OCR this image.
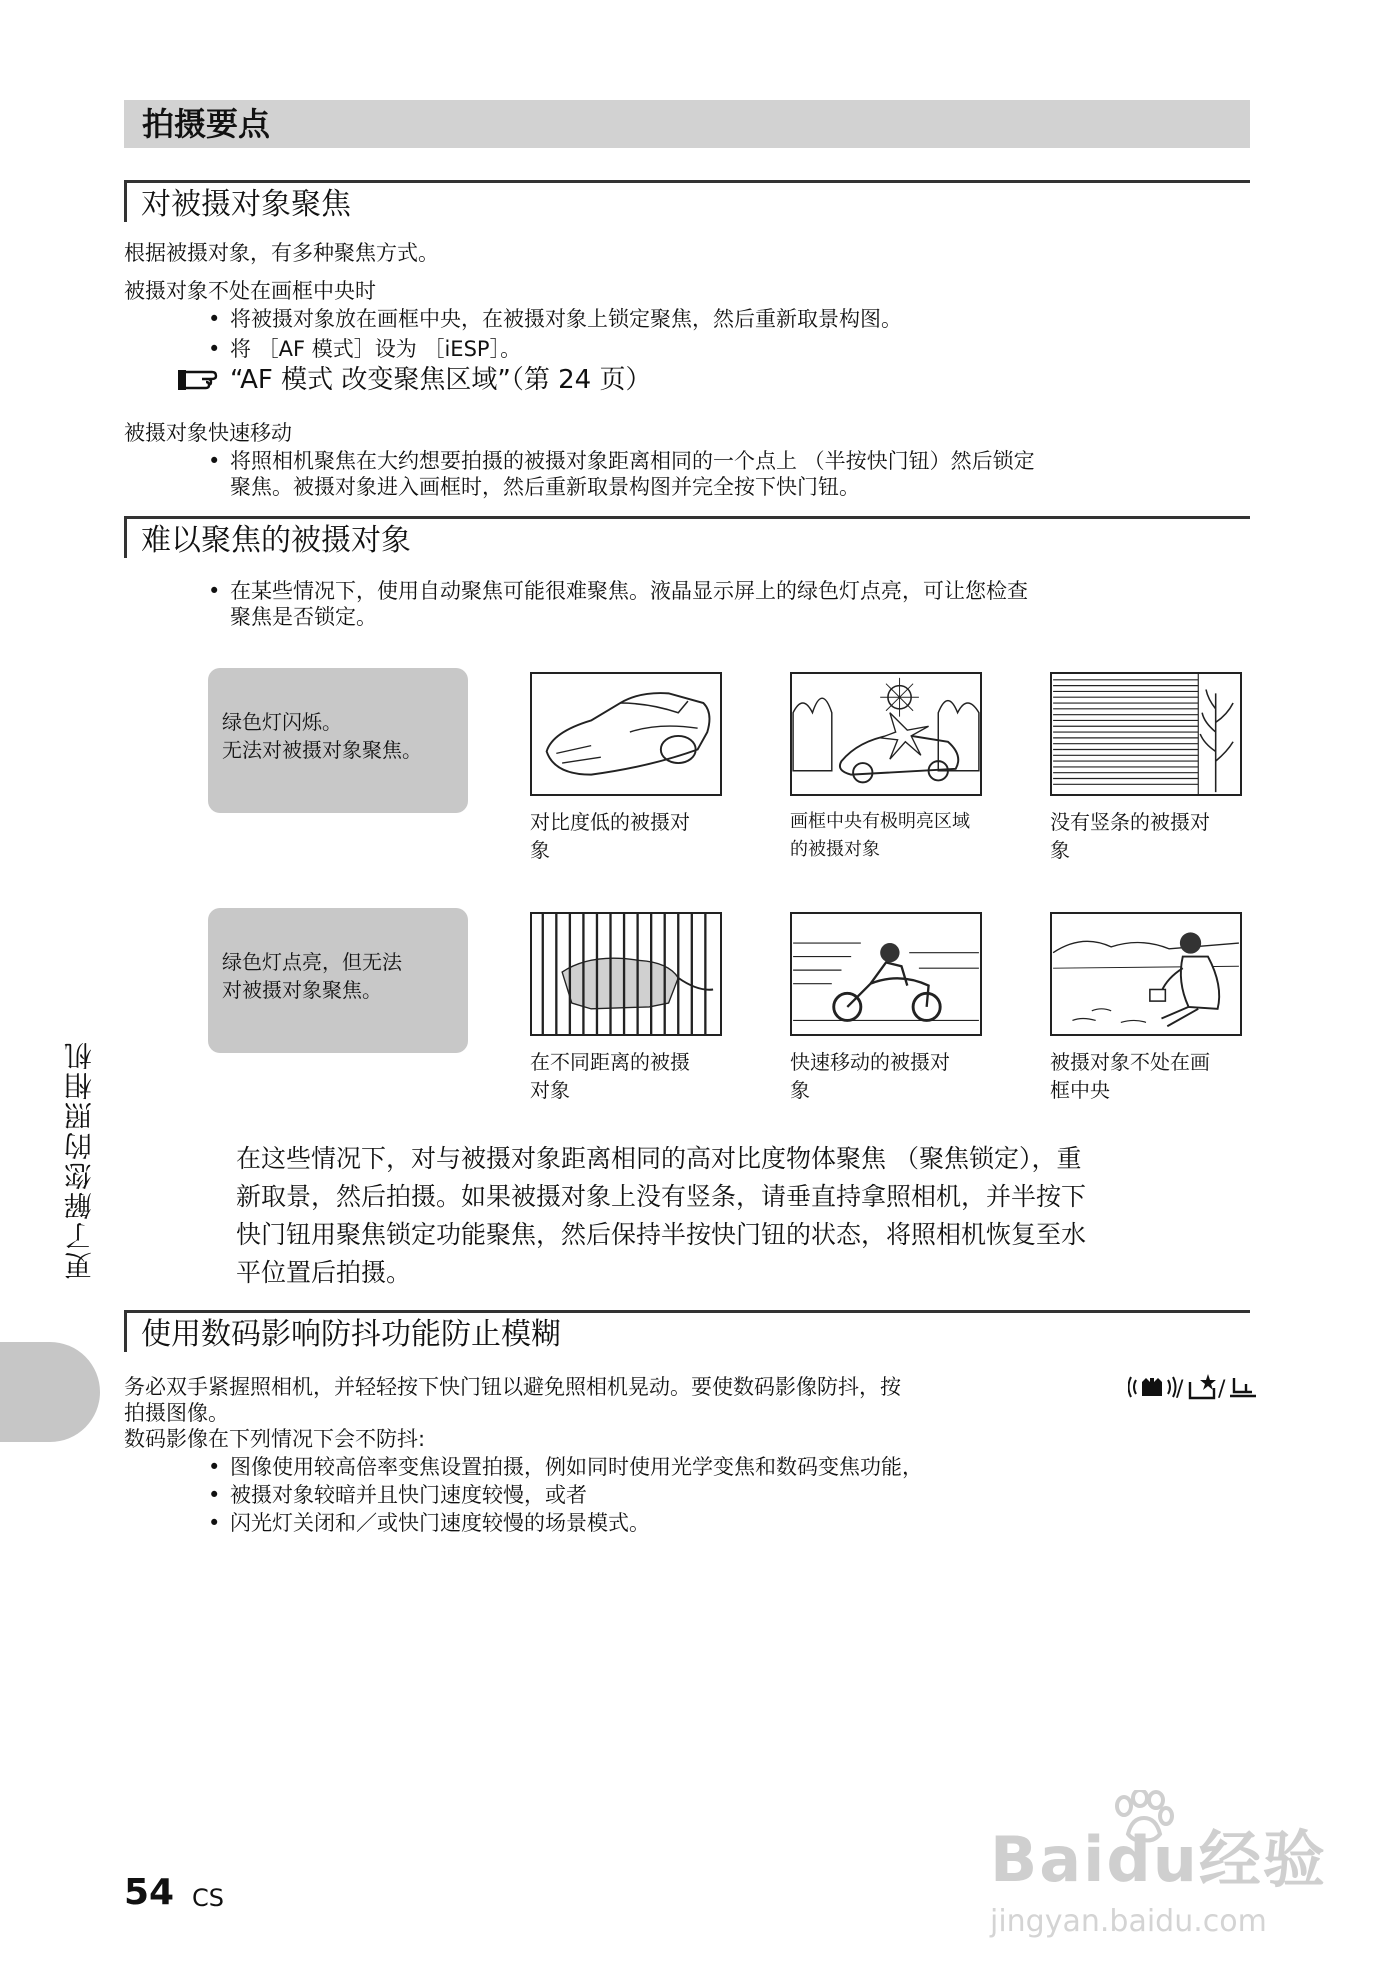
拍摄要点
对被摄对象聚焦
根据被摄对象，有多种聚焦方式。
被摄对象不处在画框中央时
• 将被摄对象放在画框中央，在被摄对象上锁定聚焦，然后重新取景构图。
• 将 ［AF 模式］设为 ［iESP］。
“AF 模式 改变聚焦区域”（第 24 页）
被摄对象快速移动
• 将照相机聚焦在大约想要拍摄的被摄对象距离相同的一个点上 （半按快门钮）然后锁定
聚焦。被摄对象进入画框时，然后重新取景构图并完全按下快门钮。
难以聚焦的被摄对象
• 在某些情况下，使用自动聚焦可能很难聚焦。液晶显示屏上的绿色灯点亮，可让您检查
聚焦是否锁定。
绿色灯闪烁。
无法对被摄对象聚焦。
对比度低的被摄对
象
画框中央有极明亮区域
的被摄对象
没有竖条的被摄对
象
绿色灯点亮，但无法
对被摄对象聚焦。
在不同距离的被摄
对象
快速移动的被摄对
象
被摄对象不处在画
框中央
在这些情况下，对与被摄对象距离相同的高对比度物体聚焦 （聚焦锁定），重
新取景，然后拍摄。如果被摄对象上没有竖条，请垂直持拿照相机，并半按下
快门钮用聚焦锁定功能聚焦，然后保持半按快门钮的状态，将照相机恢复至水
平位置后拍摄。
使用数码影响防抖功能防止模糊
务必双手紧握照相机，并轻轻按下快门钮以避免照相机晃动。要使数码影像防抖，按	/ /
拍摄图像。
数码影像在下列情况下会不防抖:
• 图像使用较高倍率变焦设置拍摄，例如同时使用光学变焦和数码变焦功能，
• 被摄对象较暗并且快门速度较慢，或者
• 闪光灯关闭和／或快门速度较慢的场景模式。
更了解您的照相机
54 CS
Baidu经验
jingyan.baidu.com
